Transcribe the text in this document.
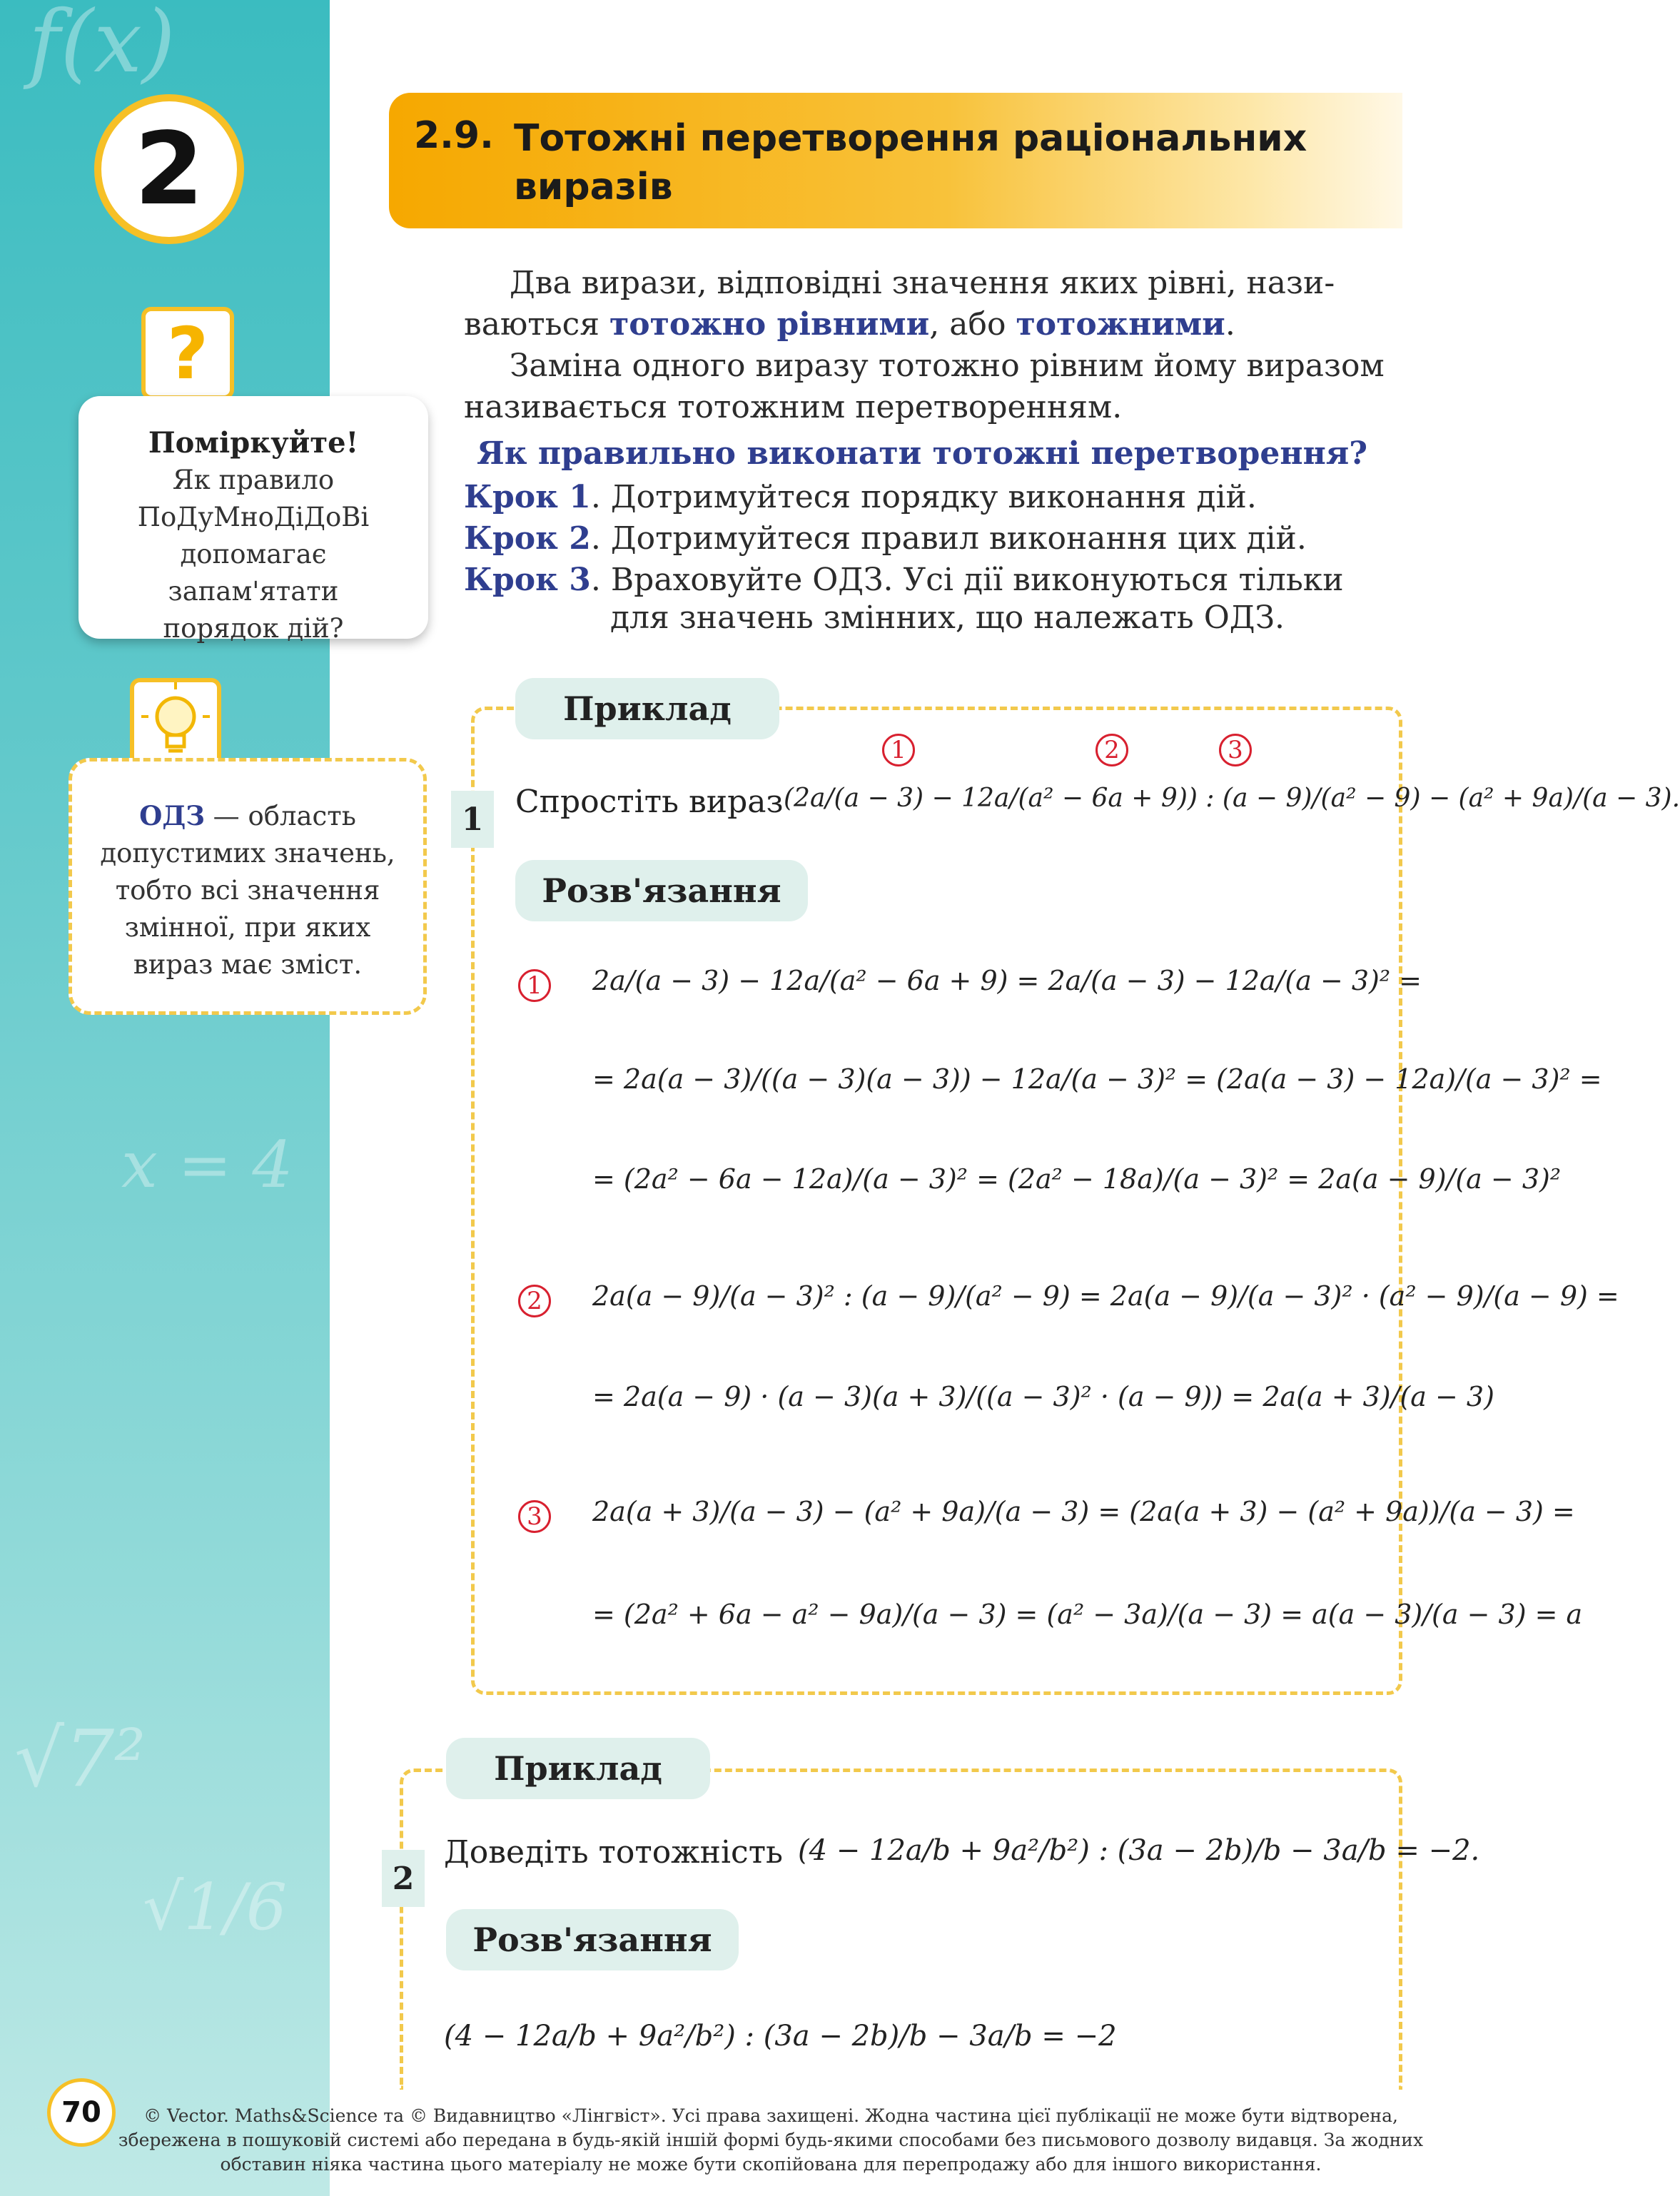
f(x)
x = 4
√7²
√1/6
2
?
Поміркуйте!
Як правило
ПоДуМноДіДоВі
допомагає запам'ятати
порядок дій?
ОДЗ — область
допустимих значень,
тобто всі значення
змінної, при яких
вираз має зміст.
2.9. Тотожні перетворення раціональних виразів
Два вирази, відповідні значення яких рівні, нази-
ваються тотожно рівними, або тотожними.
Заміна одного виразу тотожно рівним йому виразом називається тотожним перетворенням.
Як правильно виконати тотожні перетворення?
Крок 1. Дотримуйтеся порядку виконання дій.
Крок 2. Дотримуйтеся правил виконання цих дій.
Крок 3. Враховуйте ОДЗ. Усі дії виконуються тільки
для значень змінних, що належать ОДЗ.
Приклад
1
1	2	3
Спростіть вираз (2a/(a − 3) − 12a/(a² − 6a + 9)) : (a − 9)/(a² − 9) − (a² + 9a)/(a − 3).
Розв'язання
1	2a/(a − 3) − 12a/(a² − 6a + 9) = 2a/(a − 3) − 12a/(a − 3)² =
= 2a(a − 3)/((a − 3)(a − 3)) − 12a/(a − 3)² = (2a(a − 3) − 12a)/(a − 3)² =
= (2a² − 6a − 12a)/(a − 3)² = (2a² − 18a)/(a − 3)² = 2a(a − 9)/(a − 3)²
2	2a(a − 9)/(a − 3)² : (a − 9)/(a² − 9) = 2a(a − 9)/(a − 3)² · (a² − 9)/(a − 9) =
= 2a(a − 9) · (a − 3)(a + 3)/((a − 3)² · (a − 9)) = 2a(a + 3)/(a − 3)
3	2a(a + 3)/(a − 3) − (a² + 9a)/(a − 3) = (2a(a + 3) − (a² + 9a))/(a − 3) =
= (2a² + 6a − a² − 9a)/(a − 3) = (a² − 3a)/(a − 3) = a(a − 3)/(a − 3) = a
Приклад
2
Доведіть тотожність (4 − 12a/b + 9a²/b²) : (3a − 2b)/b − 3a/b = −2.
Розв'язання
(4 − 12a/b + 9a²/b²) : (3a − 2b)/b − 3a/b = −2
70	© Vector. Maths&Science та © Видавництво «Лінгвіст». Усі права захищені. Жодна частина цієї публікації не може бути відтворена, збережена в пошуковій системі або передана в будь-якій іншій формі будь-якими способами без письмового дозволу видавця. За жодних обставин ніяка частина цього матеріалу не може бути скопійована для перепродажу або для іншого використання.
